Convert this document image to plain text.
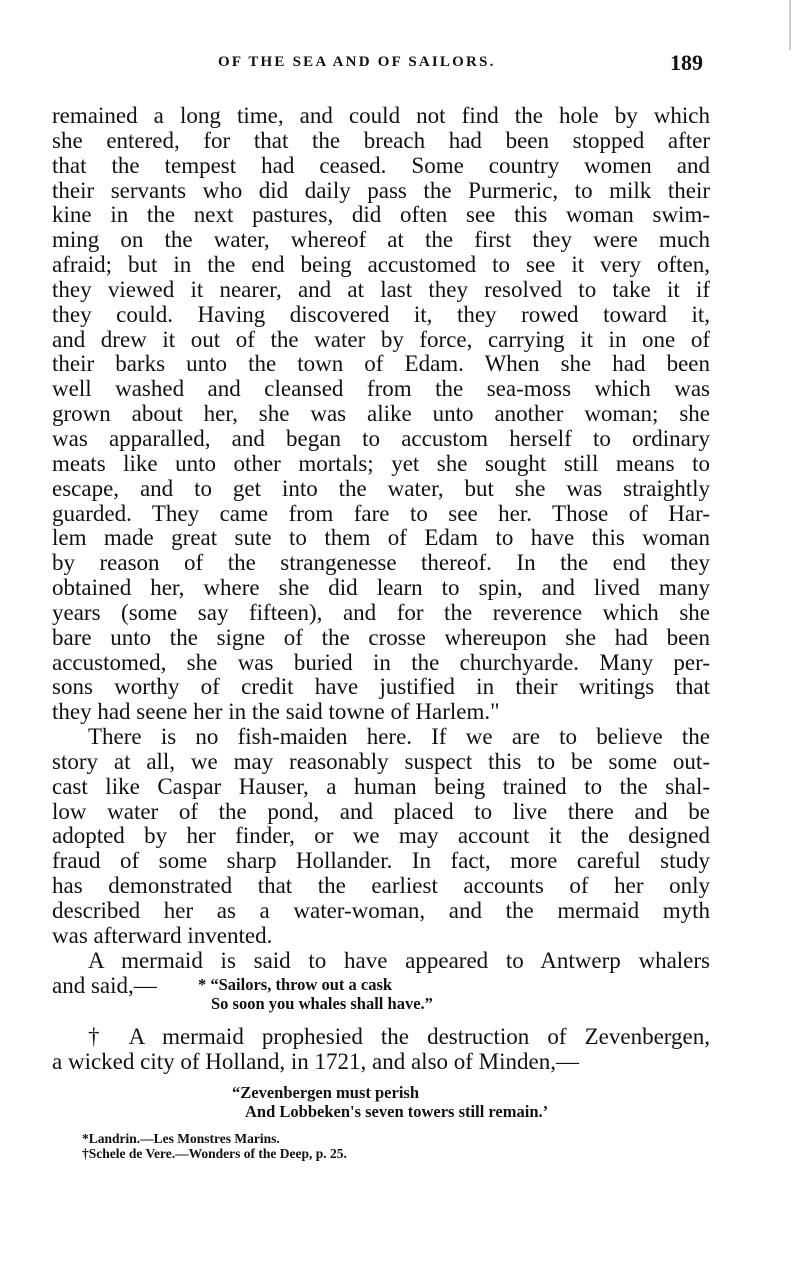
OF THE SEA AND OF SAILORS.	189
remained a long time, and could not find the hole by which
she entered, for that the breach had been stopped after
that the tempest had ceased. Some country women and
their servants who did daily pass the Purmeric, to milk their
kine in the next pastures, did often see this woman swim-
ming on the water, whereof at the first they were much
afraid; but in the end being accustomed to see it very often,
they viewed it nearer, and at last they resolved to take it if
they could. Having discovered it, they rowed toward it,
and drew it out of the water by force, carrying it in one of
their barks unto the town of Edam. When she had been
well washed and cleansed from the sea-moss which was
grown about her, she was alike unto another woman; she
was apparalled, and began to accustom herself to ordinary
meats like unto other mortals; yet she sought still means to
escape, and to get into the water, but she was straightly
guarded. They came from fare to see her. Those of Har-
lem made great sute to them of Edam to have this woman
by reason of the strangenesse thereof. In the end they
obtained her, where she did learn to spin, and lived many
years (some say fifteen), and for the reverence which she
bare unto the signe of the crosse whereupon she had been
accustomed, she was buried in the churchyarde. Many per-
sons worthy of credit have justified in their writings that
they had seene her in the said towne of Harlem."
There is no fish-maiden here. If we are to believe the
story at all, we may reasonably suspect this to be some out-
cast like Caspar Hauser, a human being trained to the shal-
low water of the pond, and placed to live there and be
adopted by her finder, or we may account it the designed
fraud of some sharp Hollander. In fact, more careful study
has demonstrated that the earliest accounts of her only
described her as a water-woman, and the mermaid myth
was afterward invented.
A mermaid is said to have appeared to Antwerp whalers
and said,—	* “Sailors, throw out a cask
So soon you whales shall have.”
† A mermaid prophesied the destruction of Zevenbergen,
a wicked city of Holland, in 1721, and also of Minden,—
“Zevenbergen must perish
And Lobbeken's seven towers still remain.’
*Landrin.—Les Monstres Marins.
†Schele de Vere.—Wonders of the Deep, p. 25.
